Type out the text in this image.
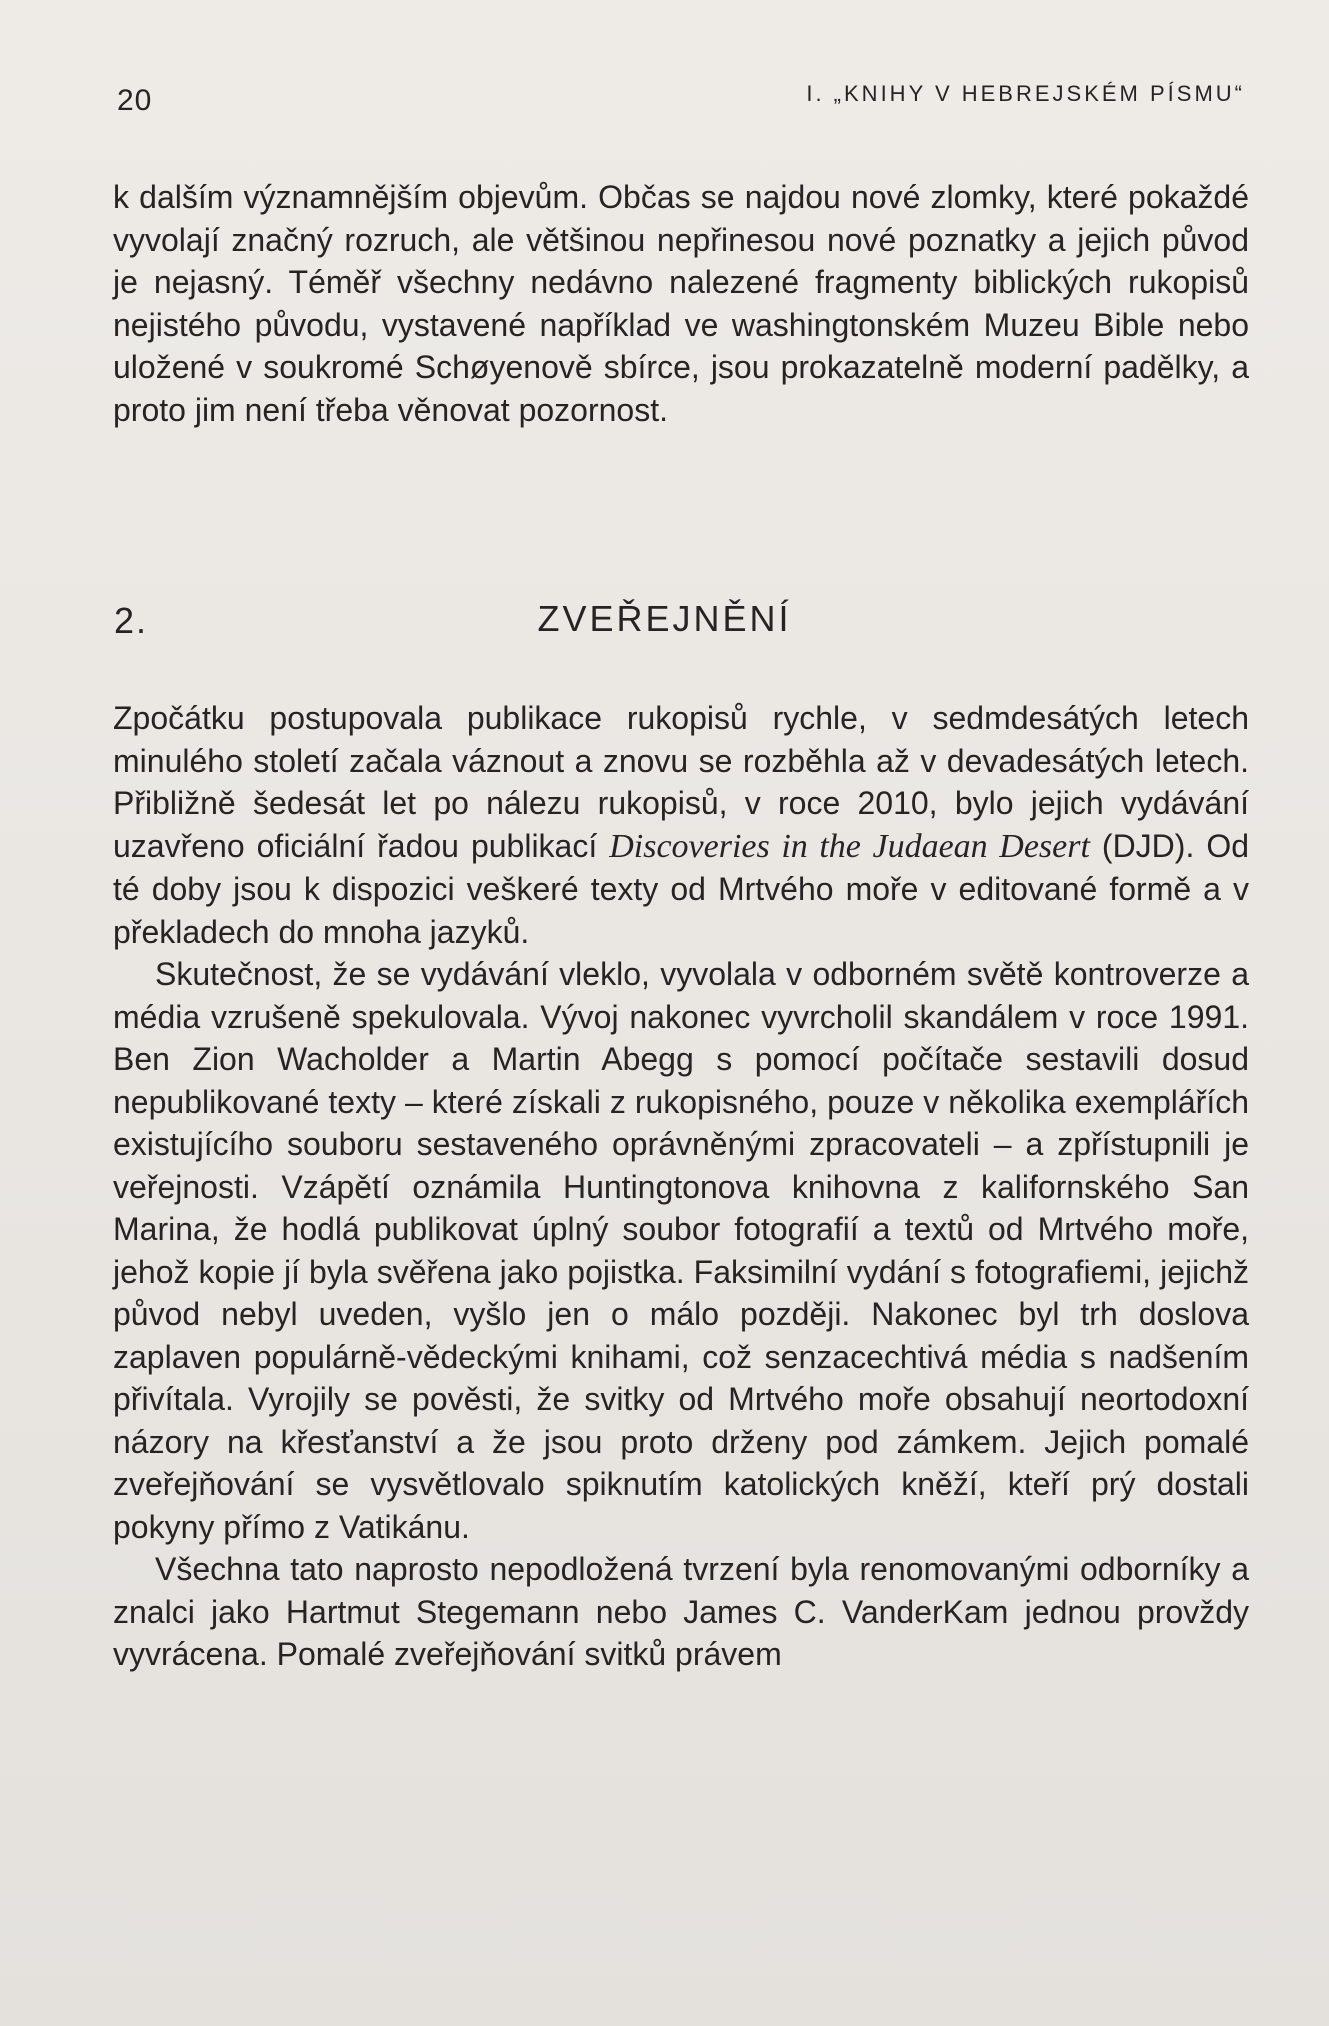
20	I. „KNIHY V HEBREJSKÉM PÍSMU“

k dalším významnějším objevům. Občas se najdou nové zlomky, které pokaždé vyvolají značný rozruch, ale většinou nepřinesou nové poznatky a jejich původ je nejasný. Téměř všechny nedávno nalezené fragmenty biblických rukopisů nejistého původu, vystavené například ve washingtonském Muzeu Bible nebo uložené v soukromé Schøyenově sbírce, jsou prokazatelně moderní padělky, a proto jim není třeba věnovat pozornost.

2.	ZVEŘEJNĚNÍ

Zpočátku postupovala publikace rukopisů rychle, v sedmdesátých letech minulého století začala váznout a znovu se rozběhla až v devadesátých letech. Přibližně šedesát let po nálezu rukopisů, v roce 2010, bylo jejich vydávání uzavřeno oficiální řadou publikací Discoveries in the Judaean Desert (DJD). Od té doby jsou k dispozici veškeré texty od Mrtvého moře v editované formě a v překladech do mnoha jazyků.

Skutečnost, že se vydávání vleklo, vyvolala v odborném světě kontroverze a média vzrušeně spekulovala. Vývoj nakonec vyvrcholil skandálem v roce 1991. Ben Zion Wacholder a Martin Abegg s pomocí počítače sestavili dosud nepublikované texty – které získali z rukopisného, pouze v několika exemplářích existujícího souboru sestaveného oprávněnými zpracovateli – a zpřístupnili je veřejnosti. Vzápětí oznámila Huntingtonova knihovna z kalifornského San Marina, že hodlá publikovat úplný soubor fotografií a textů od Mrtvého moře, jehož kopie jí byla svěřena jako pojistka. Faksimilní vydání s fotografiemi, jejichž původ nebyl uveden, vyšlo jen o málo později. Nakonec byl trh doslova zaplaven populárně-vědeckými knihami, což senzacechtivá média s nadšením přivítala. Vyrojily se pověsti, že svitky od Mrtvého moře obsahují neortodoxní názory na křesťanství a že jsou proto drženy pod zámkem. Jejich pomalé zveřejňování se vysvětlovalo spiknutím katolických kněží, kteří prý dostali pokyny přímo z Vatikánu.

Všechna tato naprosto nepodložená tvrzení byla renomovanými odborníky a znalci jako Hartmut Stegemann nebo James C. VanderKam jednou provždy vyvrácena. Pomalé zveřejňování svitků právem
